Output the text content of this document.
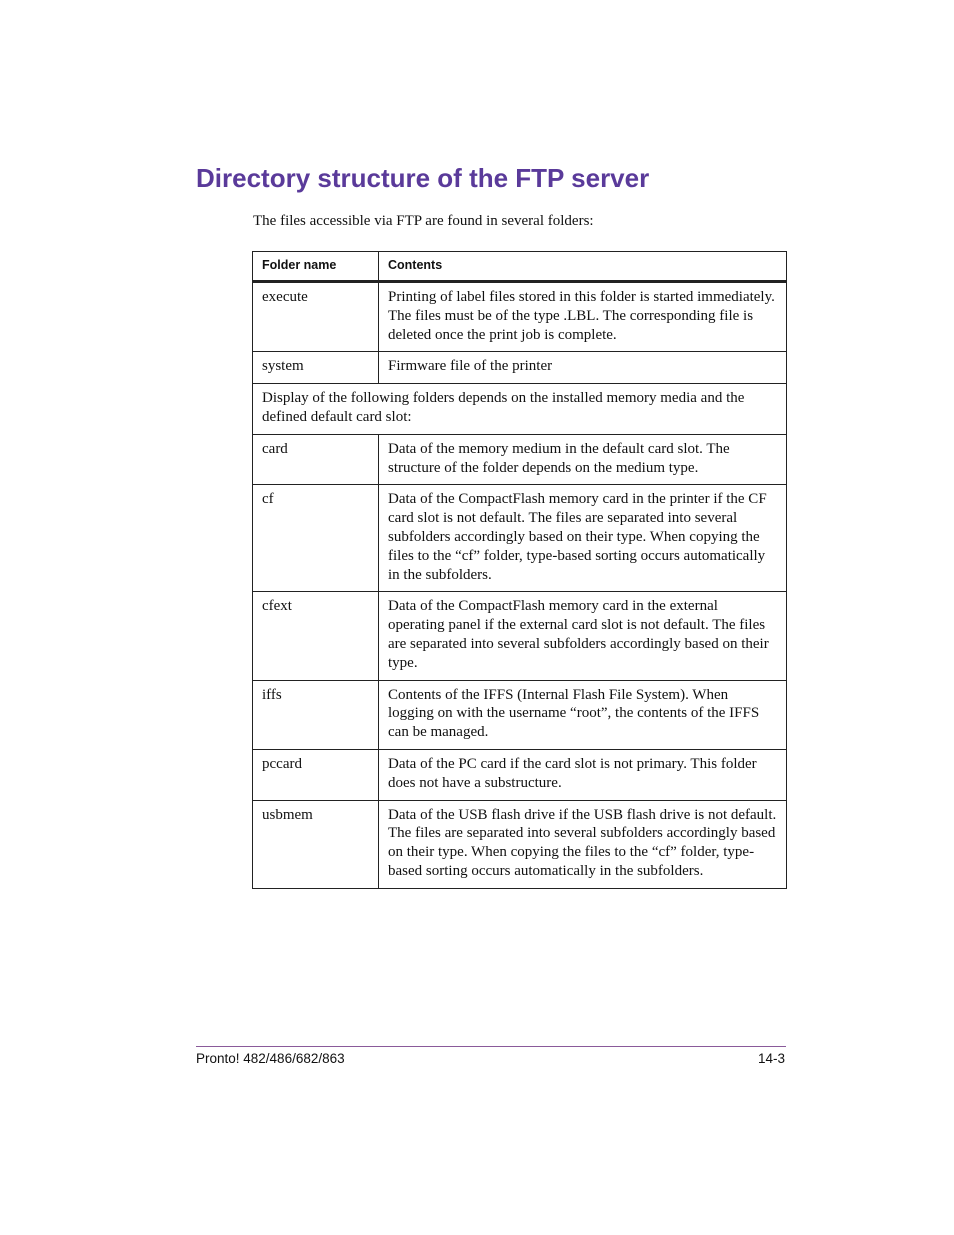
Directory structure of the FTP server

The files accessible via FTP are found in several folders:

Folder name	Contents
execute	Printing of label files stored in this folder is started immediately. The files must be of the type .LBL. The corresponding file is deleted once the print job is complete.
system	Firmware file of the printer
Display of the following folders depends on the installed memory media and the defined default card slot:	
card	Data of the memory medium in the default card slot. The structure of the folder depends on the medium type.
cf	Data of the CompactFlash memory card in the printer if the CF card slot is not default. The files are separated into several subfolders accordingly based on their type. When copying the files to the “cf” folder, type-based sorting occurs automatically in the subfolders.
cfext	Data of the CompactFlash memory card in the external operating panel if the external card slot is not default. The files are separated into several subfolders accordingly based on their type.
iffs	Contents of the IFFS (Internal Flash File System). When logging on with the username “root”, the contents of the IFFS can be managed.
pccard	Data of the PC card if the card slot is not primary. This folder does not have a substructure.
usbmem	Data of the USB flash drive if the USB flash drive is not default. The files are separated into several subfolders accordingly based on their type. When copying the files to the “cf” folder, type-based sorting occurs automatically in the subfolders.

Pronto! 482/486/682/863	14-3
